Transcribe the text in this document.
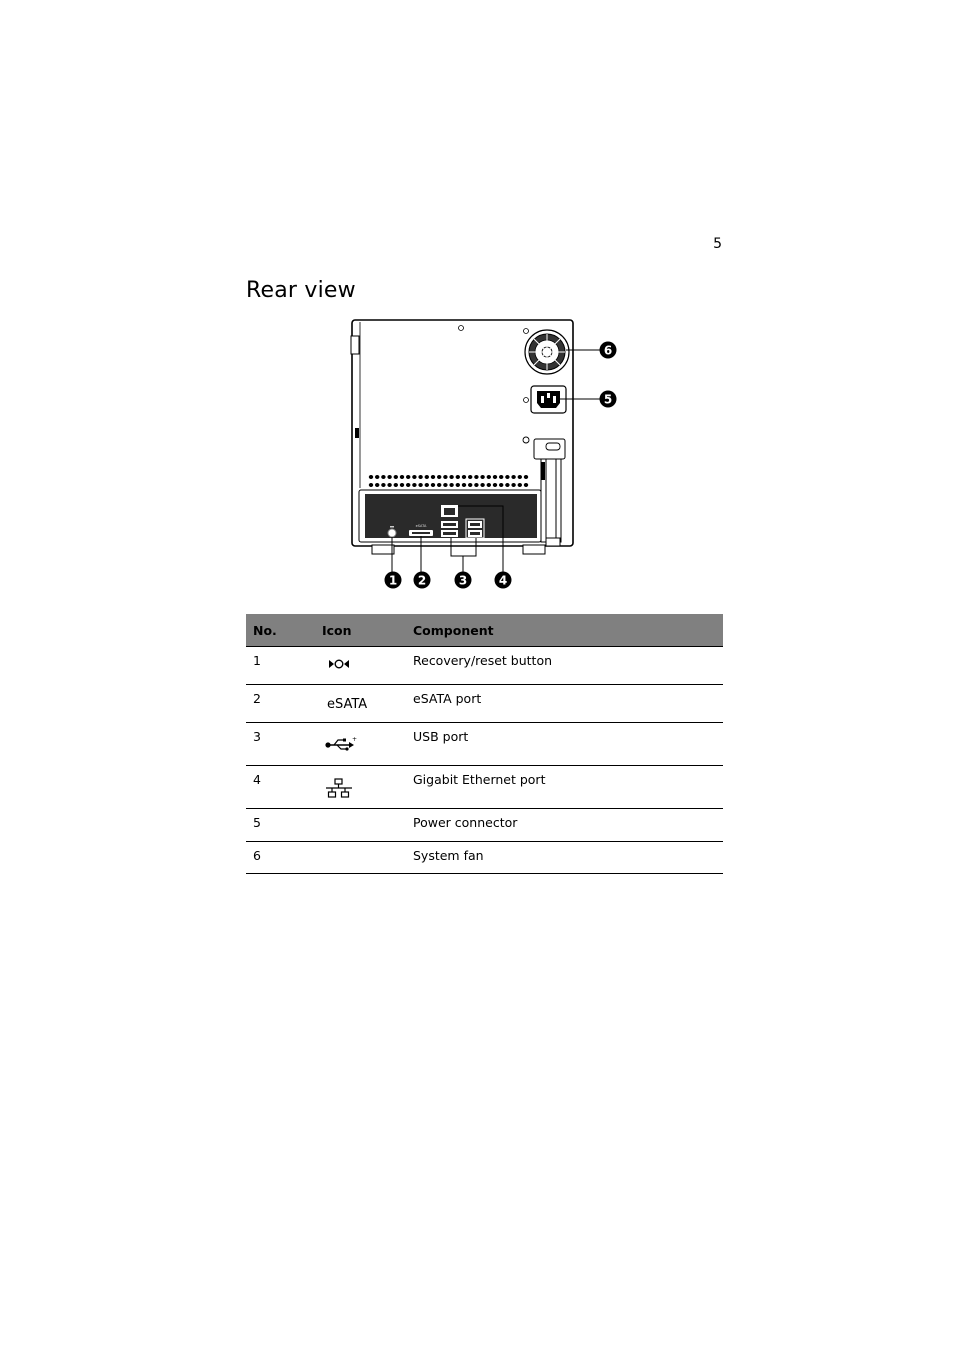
5
Rear view
eSATA
6
5
1 2	3	4
No.	Icon	Component
1		Recovery/reset button
2	eSATA	eSATA port
3	+	USB port
4		Gigabit Ethernet port
5		Power connector
6		System fan
